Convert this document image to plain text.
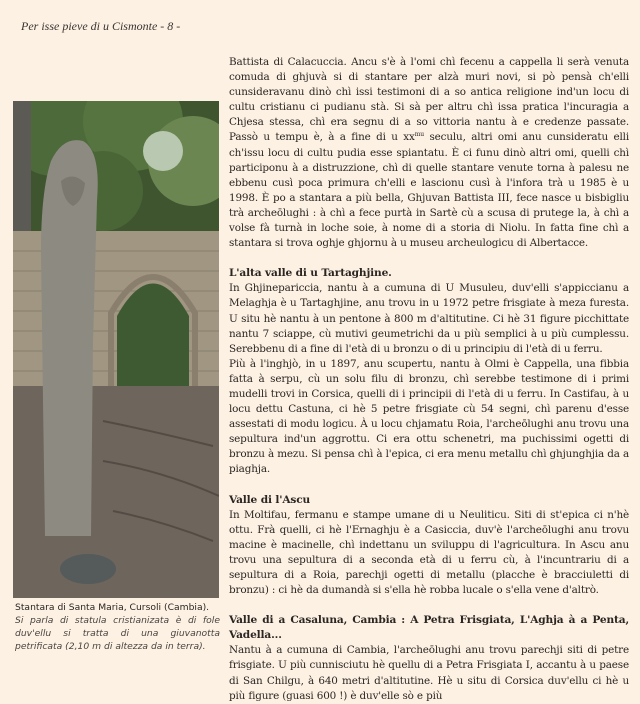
Per isse pieve di u Cismonte - 8 -
Stantara di Santa Maria, Cursoli (Cambia).
Si parla di statula cristianizata è di fole duv'ellu si tratta di una giuvanotta petrificata (2,10 m di altezza da in terra).

Battista di Calacuccia. Ancu s'è à l'omi chì fecenu a cappella li serà venuta comuda di ghjuvà si di stantare per alzà muri novi, si pò pensà ch'elli cunsideravanu dinò chì issi testimoni di a so antica religione ind'un locu di cultu cristianu ci pudianu stà. Si sà per altru chì issa pratica l'incuragia a Chjesa stessa, chì era segnu di a so vittoria nantu à e credenze passate. Passò u tempu è, à a fine di u $xx^{mu}$ seculu, altri omi anu cunsideratu elli ch'issu locu di cultu pudia esse spiantatu. È ci funu dinò altri omi, quelli chì participonu à a distruzzione, chì di quelle stantare venute torna à palesu ne ebbenu cusì poca primura ch'elli e lascionu cusì à l'infora trà u 1985 è u 1998. È po a stantara a più bella, Ghjuvan Battista III, fece nasce u bisbigliu trà archeōlughi : à chì a fece purtà in Sartè cù a scusa di prutege la, à chì a volse fà turnà in loche soie, à nome di a storia di Niolu. In fatta fine chì a stantara si trova oghje ghjornu à u museu archeulogicu di Albertacce.

L'alta valle di u Tartaghjine.

In Ghjinepariccia, nantu à a cumuna di U Musuleu, duv'elli s'appiccianu a Melaghja è u Tartaghjine, anu trovu in u 1972 petre frisgiate à meza furesta. U situ hè nantu à un pentone à 800 m d'altitutine. Ci hè 31 figure picchittate nantu 7 sciappe, cù mutivi geumetrichi da u più semplici à u più cumplessu. Serebbenu di a fine di l'età di u bronzu o di u principiu di l'età di u ferru.

Più à l'inghjò, in u 1897, anu scupertu, nantu à Olmi è Cappella, una fibbia fatta à serpu, cù un solu filu di bronzu, chì serebbe testimone di i primi mudelli trovi in Corsica, quelli di i principii di l'età di u ferru. In Castifau, à u locu dettu Castuna, ci hè 5 petre frisgiate cù 54 segni, chì parenu d'esse assestati di modu logicu. À u locu chjamatu Roia, l'archeōlughi anu trovu una sepultura ind'un aggrottu. Ci era ottu schenetri, ma puchissimi ogetti di bronzu à mezu. Si pensa chì à l'epica, ci era menu metallu chì ghjunghjia da a piaghja.

Valle di l'Ascu

In Moltifau, fermanu e stampe umane di u Neuliticu. Siti di st'epica ci n'hè ottu. Frà quelli, ci hè l'Ernaghju è a Casiccia, duv'è l'archeōlughi anu trovu macine è macinelle, chì indettanu un sviluppu di l'agricultura. In Ascu anu trovu una sepultura di a seconda età di u ferru cù, à l'incuntrariu di a sepultura di a Roia, parechji ogetti di metallu (placche è bracciuletti di bronzu) : ci hè da dumandà si s'ella hè robba lucale o s'ella vene d'altrò.

Valle di a Casaluna, Cambia : A Petra Frisgiata, L'Aghja à a Penta, Vadella...

Nantu à a cumuna di Cambia, l'archeōlughi anu trovu parechji siti di petre frisgiate. U più cunnisciutu hè quellu di a Petra Frisgiata I, accantu à u paese di San Chilgu, à 640 metri d'altitutine. Hè u situ di Corsica duv'ellu ci hè u più figure (guasi 600 !) è duv'elle sò e più
